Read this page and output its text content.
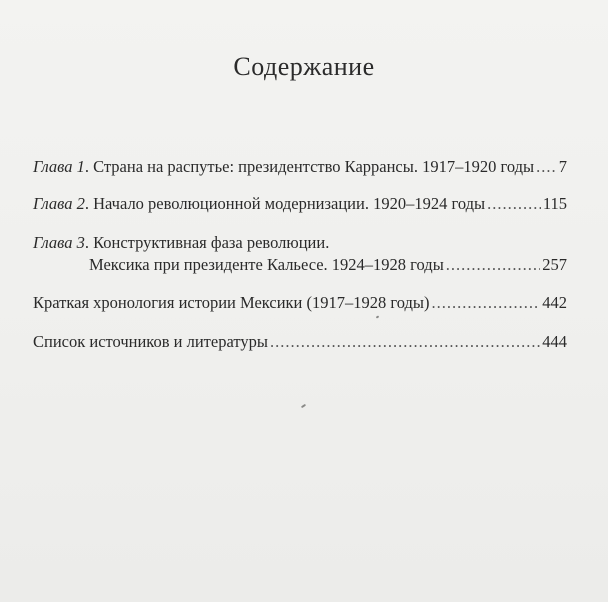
Содержание
Глава 1. Страна на распутье: президентство Каррансы. 1917–1920 годы ..... 7
Глава 2. Начало революционной модернизации. 1920–1924 годы .....	115
Глава 3. Конструктивная фаза революции.
Мексика при президенте Кальесе. 1924–1928 годы .....	257
Краткая хронология истории Мексики (1917–1928 годы) .....	442
Список источников и литературы .....	444
